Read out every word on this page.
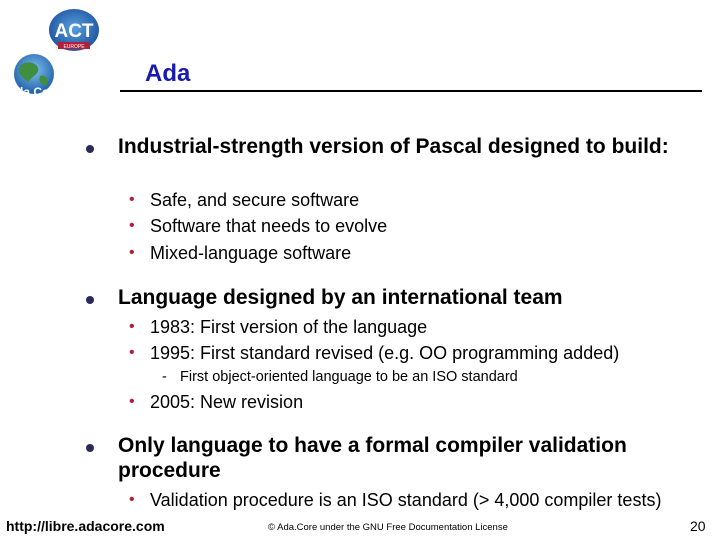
ACT
EUROPE
Ada Core
TECHNOLOGIES
Ada
Industrial-strength version of Pascal designed to build:
• Safe, and secure software
• Software that needs to evolve
• Mixed-language software
Language designed by an international team
• 1983: First version of the language
• 1995: First standard revised (e.g. OO programming added)
- First object-oriented language to be an ISO standard
• 2005: New revision
Only language to have a formal compiler validation procedure
• Validation procedure is an ISO standard (> 4,000 compiler tests)
http://libre.adacore.com	© Ada.Core under the GNU Free Documentation License	20
